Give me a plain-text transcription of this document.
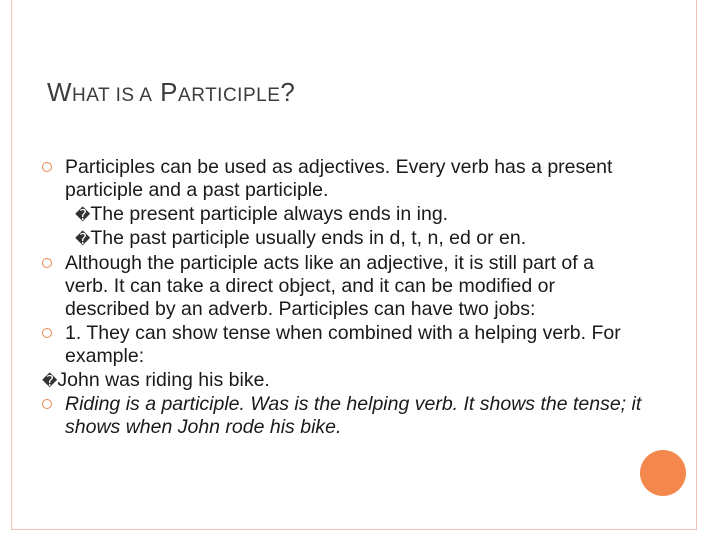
WHAT IS A PARTICIPLE?
Participles can be used as adjectives. Every verb has a present participle and a past participle.
�The present participle always ends in ing.
�The past participle usually ends in d, t, n, ed or en.
Although the participle acts like an adjective, it is still part of a verb. It can take a direct object, and it can be modified or described by an adverb. Participles can have two jobs:
1. They can show tense when combined with a helping verb. For example:
�John was riding his bike.
Riding is a participle. Was is the helping verb. It shows the tense; it shows when John rode his bike.
